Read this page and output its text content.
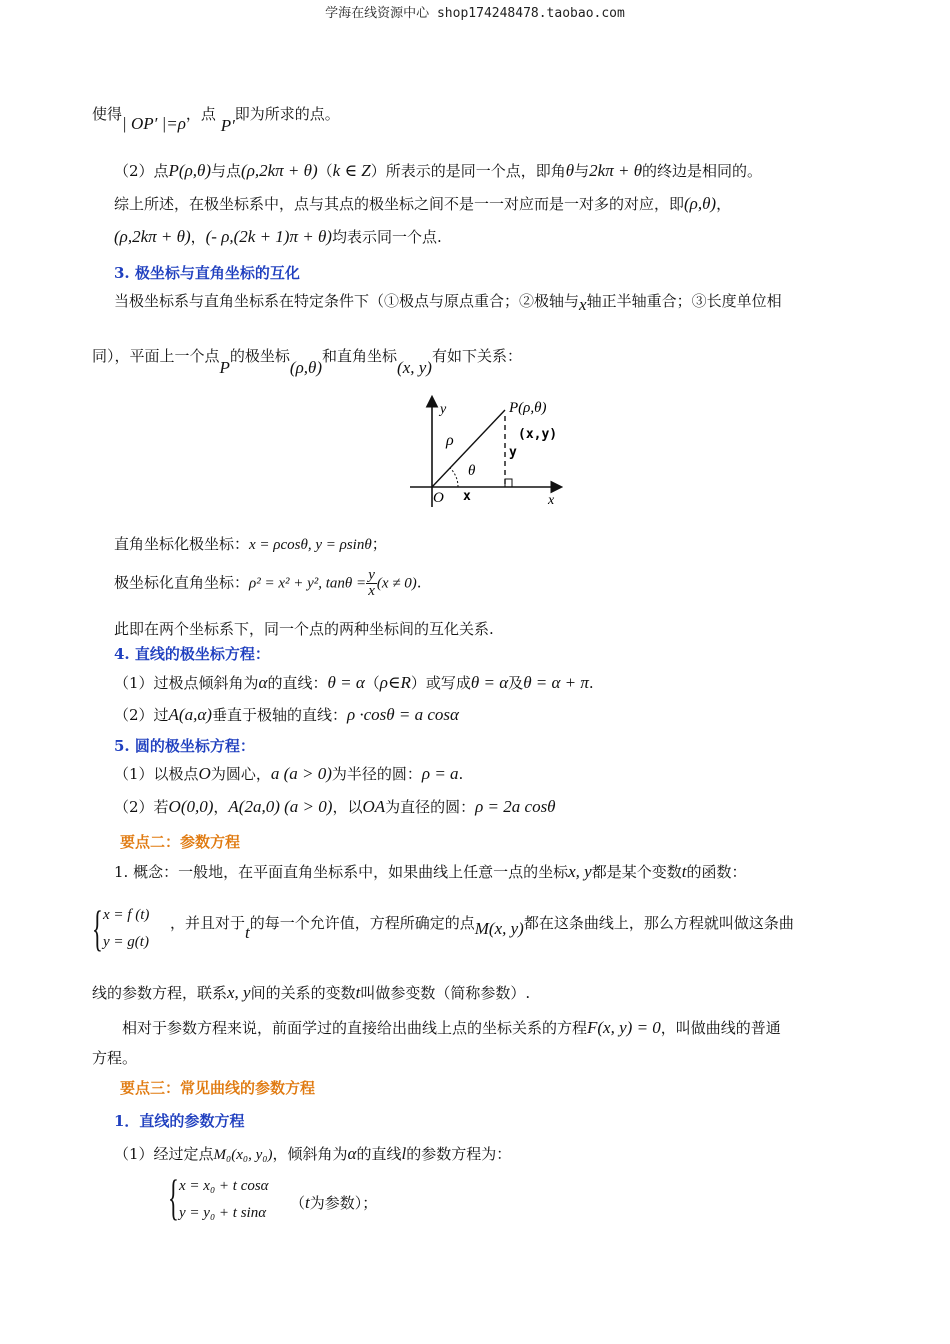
学海在线资源中心 shop174248478.taobao.com
使得| OP′ |=ρ，点 P′即为所求的点。
（2）点P(ρ,θ)与点(ρ,2kπ + θ)（k ∈ Z）所表示的是同一个点，即角θ与2kπ + θ的终边是相同的。
综上所述，在极坐标系中，点与其点的极坐标之间不是一一对应而是一对多的对应，即(ρ,θ)，
(ρ,2kπ + θ)，(- ρ,(2k + 1)π + θ)均表示同一个点.
3. 极坐标与直角坐标的互化
当极坐标系与直角坐标系在特定条件下（①极点与原点重合；②极轴与x轴正半轴重合；③长度单位相
同），平面上一个点P的极坐标(ρ,θ)和直角坐标(x, y)有如下关系：
y
x
O
P(ρ,θ)
(x,y)
ρ
θ
x
y
直角坐标化极坐标：x = ρcosθ, y = ρsinθ；
极坐标化直角坐标：ρ² = x² + y², $\tan\theta = \frac{y}{x} (x \ne 0)$.
此即在两个坐标系下，同一个点的两种坐标间的互化关系.
4. 直线的极坐标方程：
（1）过极点倾斜角为α的直线：θ = α（ρ∈R）或写成θ = α及θ = α + π.
（2）过A(a,α)垂直于极轴的直线：ρ ·cosθ = a cosα
5. 圆的极坐标方程：
（1）以极点O为圆心，a (a > 0)为半径的圆：ρ = a.
（2）若O(0,0)，A(2a,0) (a > 0)，以OA为直径的圆：ρ = 2a cosθ
要点二：参数方程
1. 概念：一般地，在平面直角坐标系中，如果曲线上任意一点的坐标x, y都是某个变数t的函数：
{ x = f (t)
y = g(t)
，并且对于t的每一个允许值，方程所确定的点M(x, y)都在这条曲线上，那么方程就叫做这条曲
线的参数方程，联系x, y间的关系的变数t叫做参变数（简称参数）.
相对于参数方程来说，前面学过的直接给出曲线上点的坐标关系的方程F(x, y) = 0，叫做曲线的普通
方程。
要点三：常见曲线的参数方程
1．直线的参数方程
（1）经过定点M₀(x₀, y₀)，倾斜角为α的直线l的参数方程为：
{ x = x₀ + t cosα
y = y₀ + t sinα
（t为参数）；
